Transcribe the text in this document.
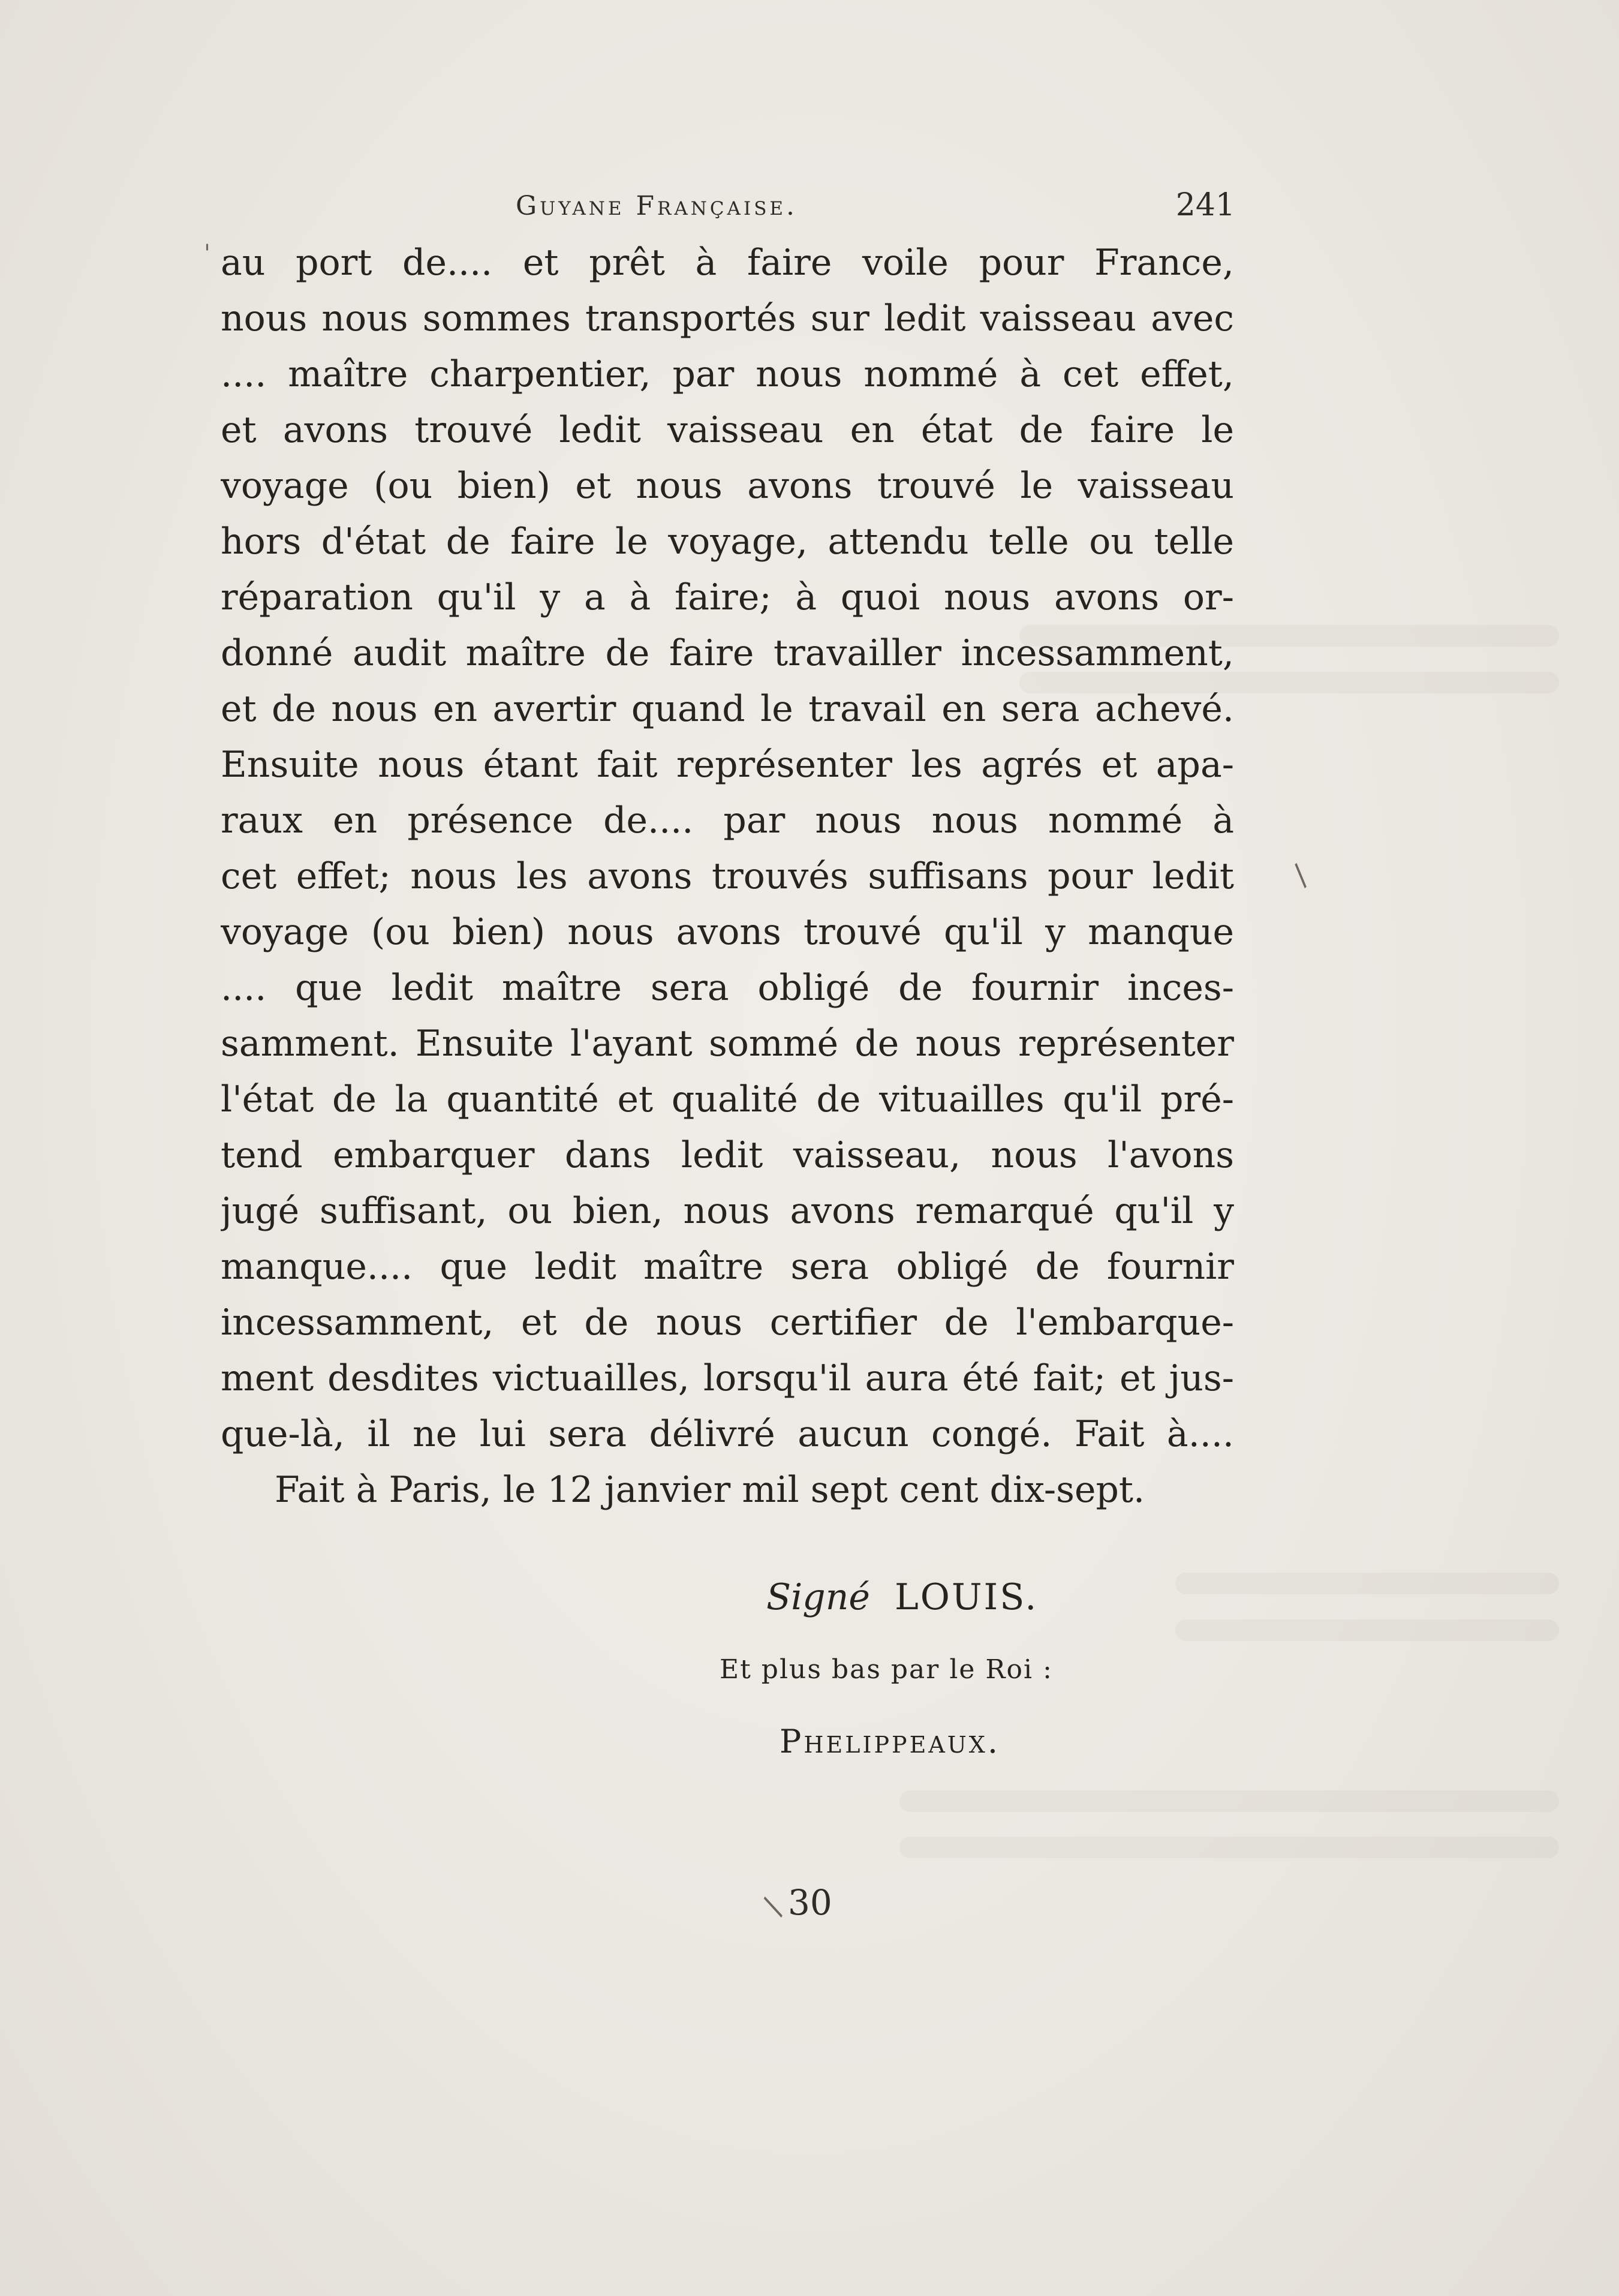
Guyane Française.	241
au port de.... et prêt à faire voile pour France,
nous nous sommes transportés sur ledit vaisseau avec
.... maître charpentier, par nous nommé à cet effet,
et avons trouvé ledit vaisseau en état de faire le
voyage (ou bien) et nous avons trouvé le vaisseau
hors d'état de faire le voyage, attendu telle ou telle
réparation qu'il y a à faire; à quoi nous avons or-
donné audit maître de faire travailler incessamment,
et de nous en avertir quand le travail en sera achevé.
Ensuite nous étant fait représenter les agrés et apa-
raux en présence de.... par nous nous nommé à
cet effet; nous les avons trouvés suffisans pour ledit
voyage (ou bien) nous avons trouvé qu'il y manque
.... que ledit maître sera obligé de fournir inces-
samment. Ensuite l'ayant sommé de nous représenter
l'état de la quantité et qualité de vituailles qu'il pré-
tend embarquer dans ledit vaisseau, nous l'avons
jugé suffisant, ou bien, nous avons remarqué qu'il y
manque.... que ledit maître sera obligé de fournir
incessamment, et de nous certifier de l'embarque-
ment desdites victuailles, lorsqu'il aura été fait; et jus-
que-là, il ne lui sera délivré aucun congé. Fait à....
Fait à Paris, le 12 janvier mil sept cent dix-sept.
Signé LOUIS.
Et plus bas par le Roi :
Phelippeaux.
30
/
/
'
